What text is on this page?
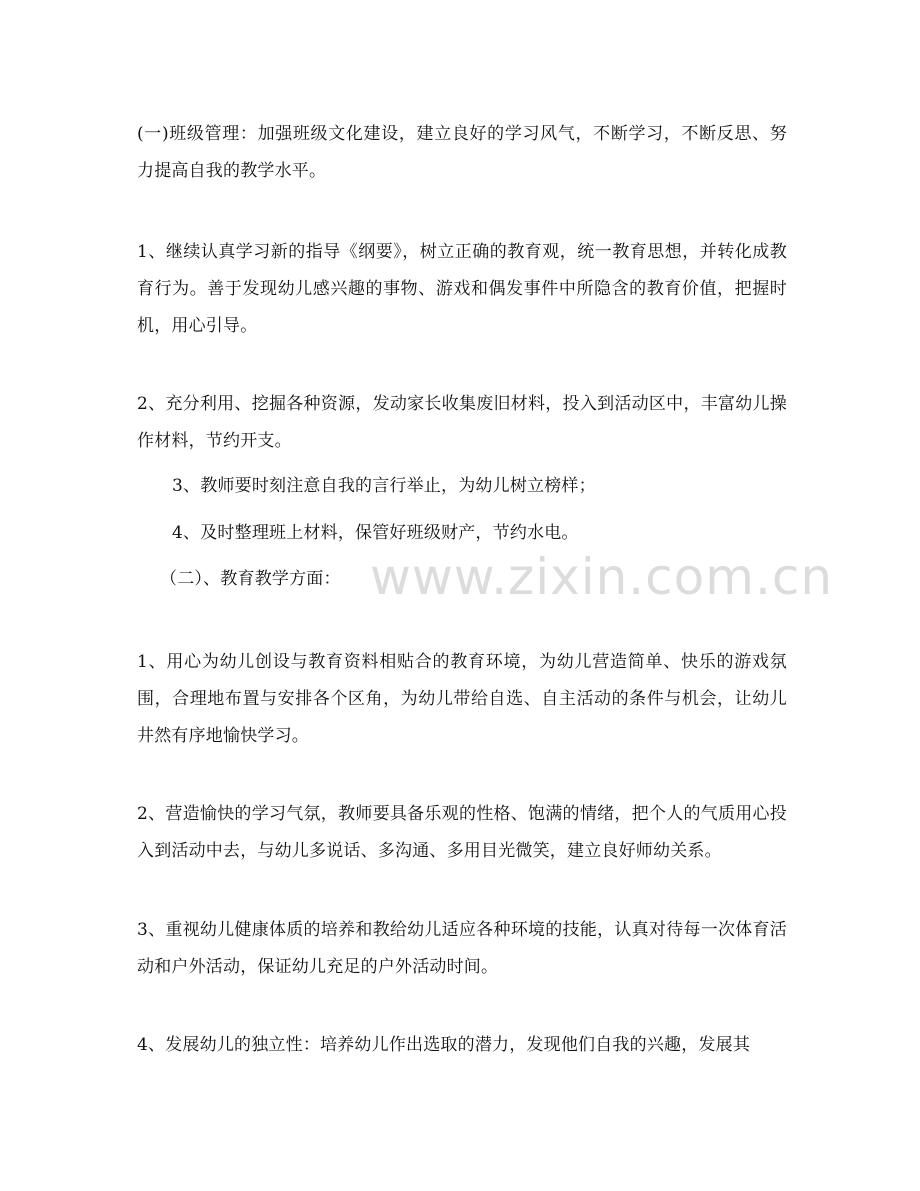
(一)班级管理：加强班级文化建设，建立良好的学习风气，不断学习，不断反思、努力提高自我的教学水平。

1、继续认真学习新的指导《纲要》，树立正确的教育观，统一教育思想，并转化成教育行为。善于发现幼儿感兴趣的事物、游戏和偶发事件中所隐含的教育价值，把握时机，用心引导。

2、充分利用、挖掘各种资源，发动家长收集废旧材料，投入到活动区中，丰富幼儿操作材料，节约开支。

3、教师要时刻注意自我的言行举止，为幼儿树立榜样；

4、及时整理班上材料，保管好班级财产，节约水电。

（二）、教育教学方面：

1、用心为幼儿创设与教育资料相贴合的教育环境，为幼儿营造简单、快乐的游戏氛围，合理地布置与安排各个区角，为幼儿带给自选、自主活动的条件与机会，让幼儿井然有序地愉快学习。

2、营造愉快的学习气氛，教师要具备乐观的性格、饱满的情绪，把个人的气质用心投入到活动中去，与幼儿多说话、多沟通、多用目光微笑，建立良好师幼关系。

3、重视幼儿健康体质的培养和教给幼儿适应各种环境的技能，认真对待每一次体育活动和户外活动，保证幼儿充足的户外活动时间。

4、发展幼儿的独立性：培养幼儿作出选取的潜力，发现他们自我的兴趣，发展其

www.zixin.com.cn
